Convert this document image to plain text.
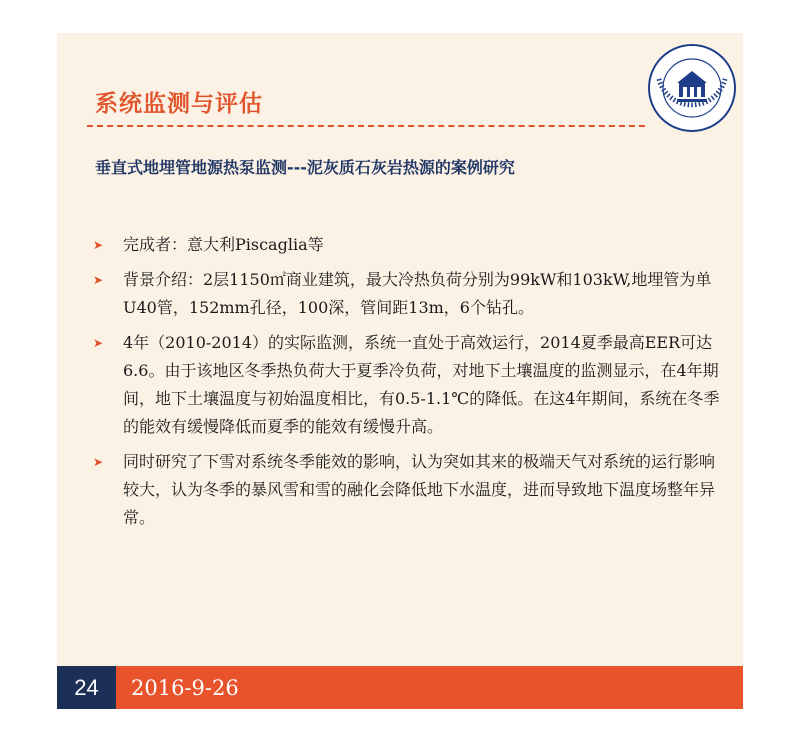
系统监测与评估
垂直式地埋管地源热泵监测---泥灰质石灰岩热源的案例研究
➤ 完成者：意大利Piscaglia等
➤ 背景介绍：2层1150㎡商业建筑，最大冷热负荷分别为99kW和103kW,地埋管为单U40管，152mm孔径，100深，管间距13m，6个钻孔。
➤ 4年（2010-2014）的实际监测，系统一直处于高效运行，2014夏季最高EER可达6.6。由于该地区冬季热负荷大于夏季冷负荷，对地下土壤温度的监测显示，在4年期间，地下土壤温度与初始温度相比，有0.5-1.1℃的降低。在这4年期间，系统在冬季的能效有缓慢降低而夏季的能效有缓慢升高。
➤ 同时研究了下雪对系统冬季能效的影响，认为突如其来的极端天气对系统的运行影响较大，认为冬季的暴风雪和雪的融化会降低地下水温度，进而导致地下温度场整年异常。
24	2016-9-26
